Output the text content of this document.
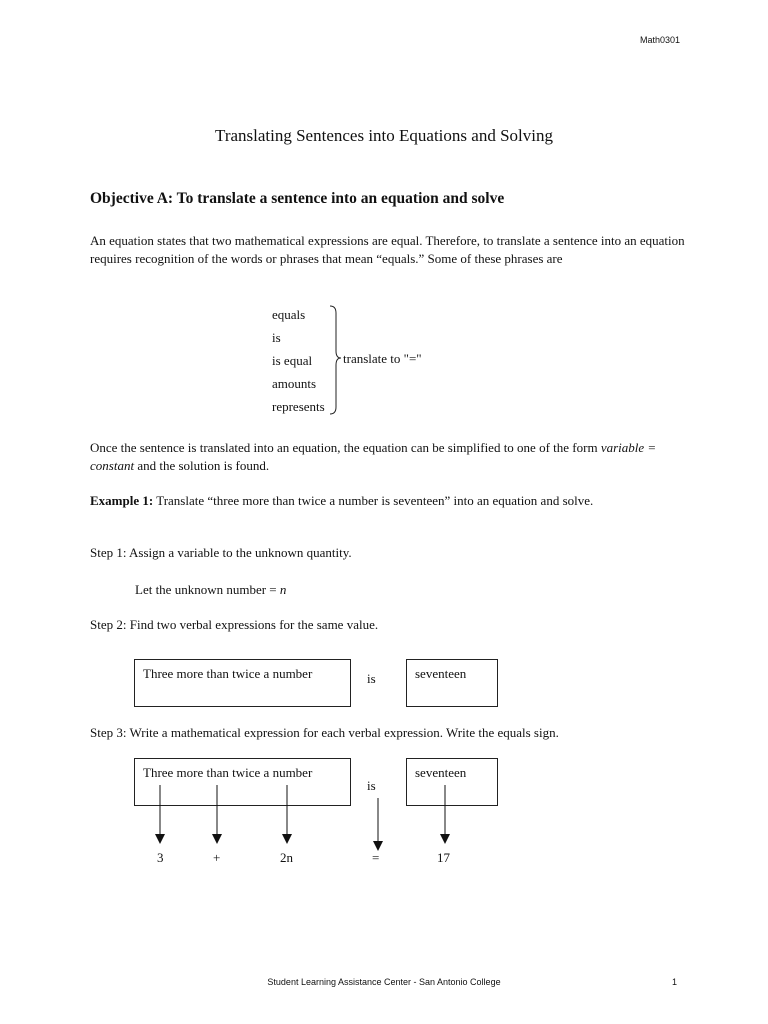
Math0301
Translating Sentences into Equations and Solving
Objective A: To translate a sentence into an equation and solve
An equation states that two mathematical expressions are equal. Therefore, to translate a sentence into an equation requires recognition of the words or phrases that mean “equals.” Some of these phrases are
equals
is
is equal
amounts
represents
translate to "="
Once the sentence is translated into an equation, the equation can be simplified to one of the form variable = constant and the solution is found.
Example 1: Translate “three more than twice a number is seventeen” into an equation and solve.
Step 1: Assign a variable to the unknown quantity.
Let the unknown number = n
Step 2: Find two verbal expressions for the same value.
Three more than twice a number	is	seventeen
Step 3: Write a mathematical expression for each verbal expression. Write the equals sign.
Three more than twice a number
is
seventeen
3	+	2n	=	17
Student Learning Assistance Center - San Antonio College	1
